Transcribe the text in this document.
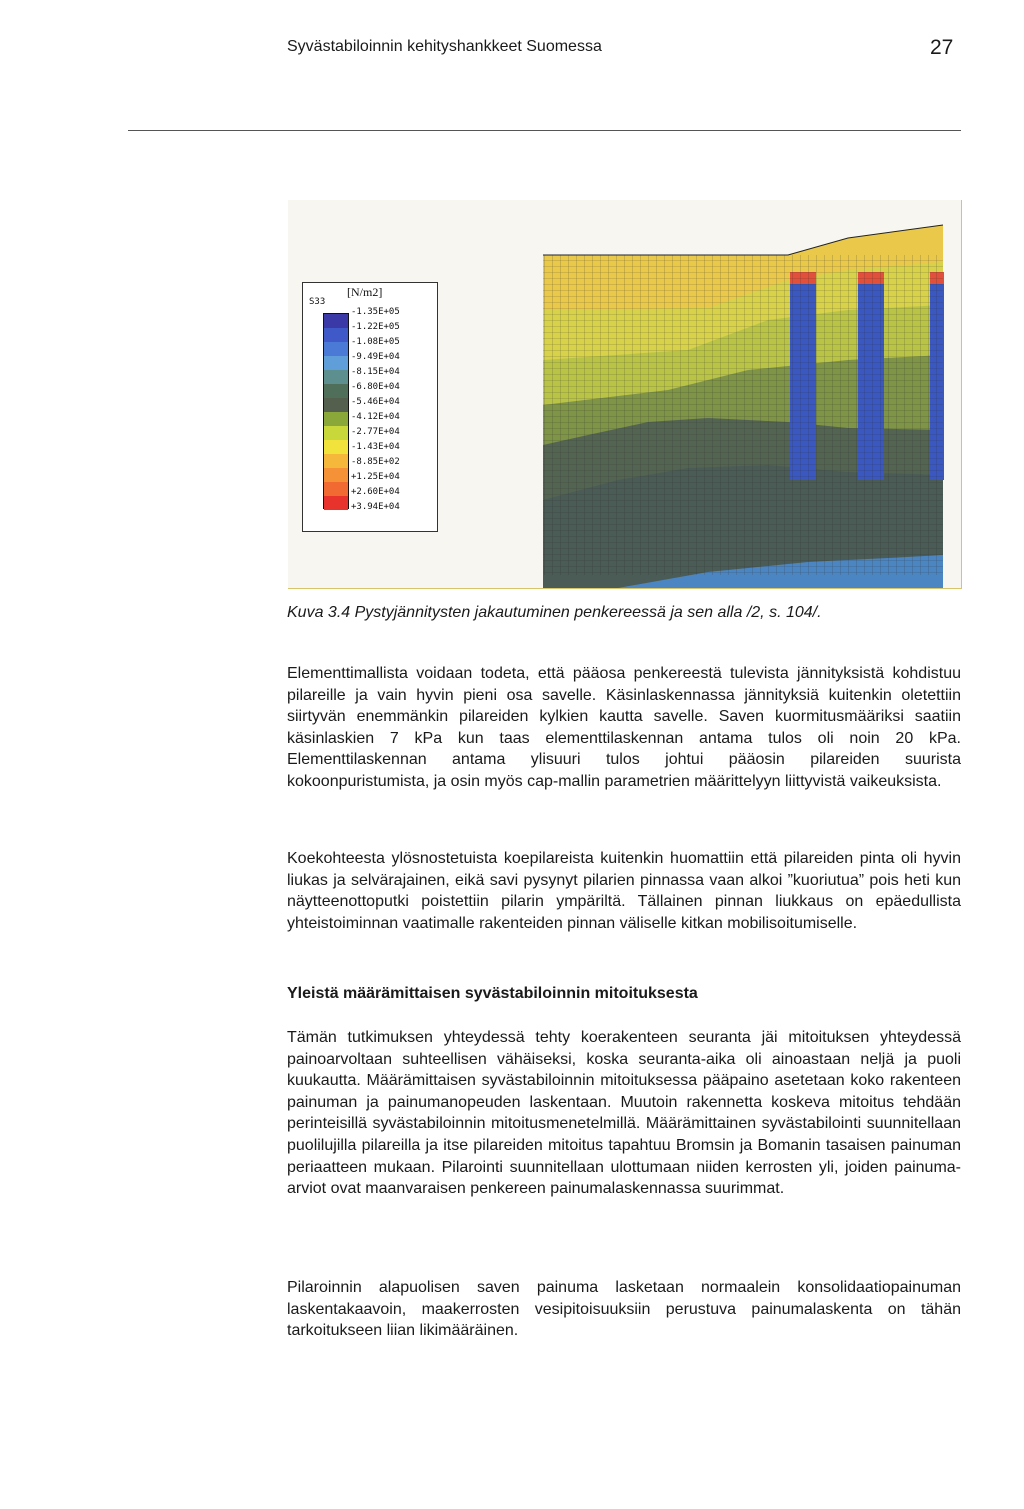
Syvästabiloinnin kehityshankkeet Suomessa	27
S33
[N/m2]
-1.35E+05
-1.22E+05
-1.08E+05
-9.49E+04
-8.15E+04
-6.80E+04
-5.46E+04
-4.12E+04
-2.77E+04
-1.43E+04
-8.85E+02
+1.25E+04
+2.60E+04
+3.94E+04
Kuva 3.4 Pystyjännitysten jakautuminen penkereessä ja sen alla /2, s. 104/.

Elementtimallista voidaan todeta, että pääosa penkereestä tulevista jännityksistä kohdistuu pilareille ja vain hyvin pieni osa savelle. Käsinlaskennassa jännityksiä kuitenkin oletettiin siirtyvän enemmänkin pilareiden kylkien kautta savelle. Saven kuormitusmääriksi saatiin käsinlaskien 7 kPa kun taas elementtilaskennan antama tulos oli noin 20 kPa. Elementtilaskennan antama ylisuuri tulos johtui pääosin pilareiden suurista kokoonpuristumista, ja osin myös cap-mallin parametrien määrittelyyn liittyvistä vaikeuksista.

Koekohteesta ylösnostetuista koepilareista kuitenkin huomattiin että pilareiden pinta oli hyvin liukas ja selvärajainen, eikä savi pysynyt pilarien pinnassa vaan alkoi ”kuoriutua” pois heti kun näytteenottoputki poistettiin pilarin ympäriltä. Tällainen pinnan liukkaus on epäedullista yhteistoiminnan vaatimalle rakenteiden pinnan väliselle kitkan mobilisoitumiselle.

Yleistä määrämittaisen syvästabiloinnin mitoituksesta

Tämän tutkimuksen yhteydessä tehty koerakenteen seuranta jäi mitoituksen yhteydessä painoarvoltaan suhteellisen vähäiseksi, koska seuranta-aika oli ainoastaan neljä ja puoli kuukautta. Määrämittaisen syvästabiloinnin mitoituksessa pääpaino asetetaan koko rakenteen painuman ja painumanopeuden laskentaan. Muutoin rakennetta koskeva mitoitus tehdään perinteisillä syvästabiloinnin mitoitusmenetelmillä. Määrämittainen syvästabilointi suunnitellaan puolilujilla pilareilla ja itse pilareiden mitoitus tapahtuu Bromsin ja Bomanin tasaisen painuman periaatteen mukaan. Pilarointi suunnitellaan ulottumaan niiden kerrosten yli, joiden painuma-arviot ovat maanvaraisen penkereen painumalaskennassa suurimmat.

Pilaroinnin alapuolisen saven painuma lasketaan normaalein konsolidaatiopainuman laskentakaavoin, maakerrosten vesipitoisuuksiin perustuva painumalaskenta on tähän tarkoitukseen liian likimääräinen.
